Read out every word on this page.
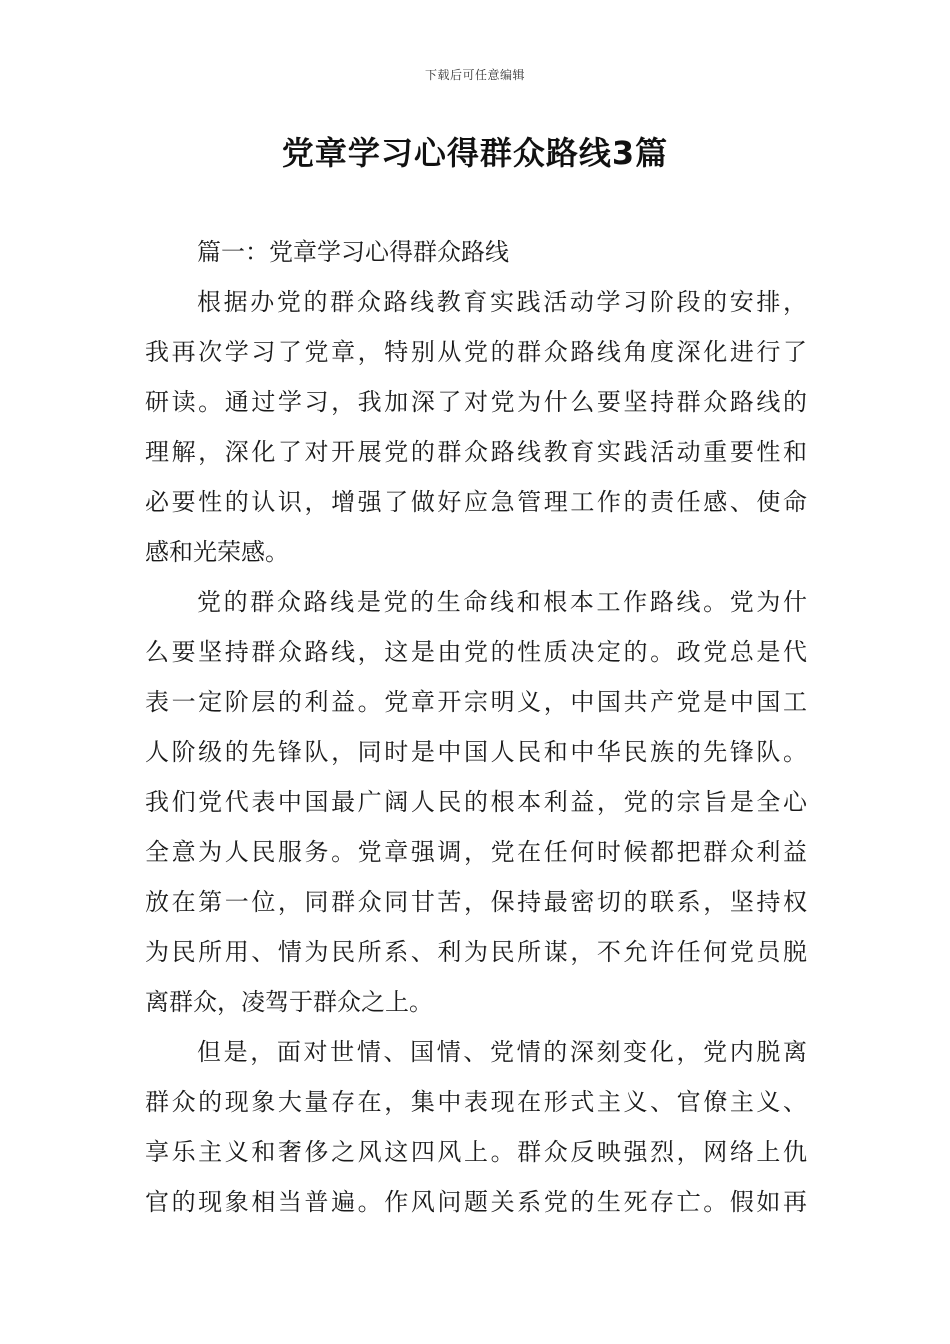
下载后可任意编辑
党章学习心得群众路线3篇

篇一：党章学习心得群众路线

根据办党的群众路线教育实践活动学习阶段的安排，
我再次学习了党章，特别从党的群众路线角度深化进行了
研读。通过学习，我加深了对党为什么要坚持群众路线的
理解，深化了对开展党的群众路线教育实践活动重要性和
必要性的认识，增强了做好应急管理工作的责任感、使命
感和光荣感。
党的群众路线是党的生命线和根本工作路线。党为什
么要坚持群众路线，这是由党的性质决定的。政党总是代
表一定阶层的利益。党章开宗明义，中国共产党是中国工
人阶级的先锋队，同时是中国人民和中华民族的先锋队。
我们党代表中国最广阔人民的根本利益，党的宗旨是全心
全意为人民服务。党章强调，党在任何时候都把群众利益
放在第一位，同群众同甘苦，保持最密切的联系，坚持权
为民所用、情为民所系、利为民所谋，不允许任何党员脱
离群众，凌驾于群众之上。
但是，面对世情、国情、党情的深刻变化，党内脱离
群众的现象大量存在，集中表现在形式主义、官僚主义、
享乐主义和奢侈之风这四风上。群众反映强烈，网络上仇
官的现象相当普遍。作风问题关系党的生死存亡。假如再
